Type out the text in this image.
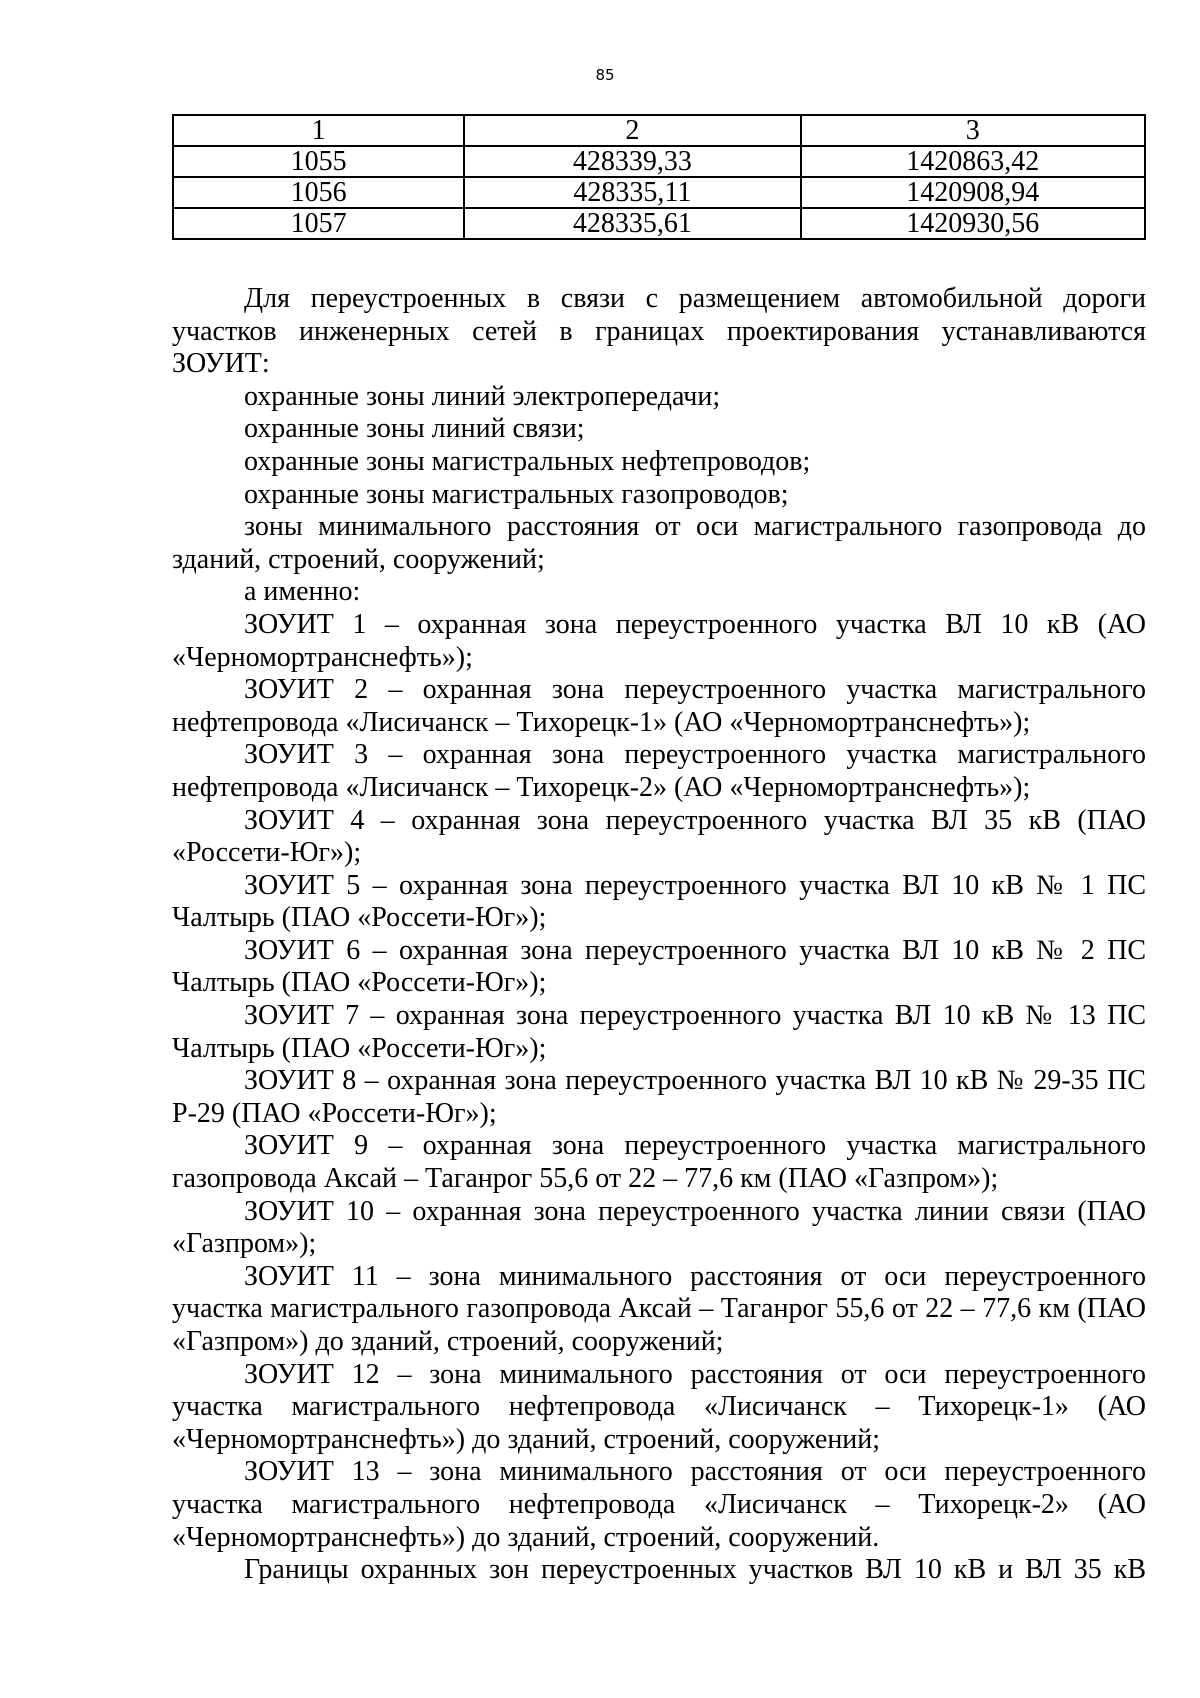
85
1	2	3
1055	428339,33	1420863,42
1056	428335,11	1420908,94
1057	428335,61	1420930,56

Для переустроенных в связи с размещением автомобильной дороги участков инженерных сетей в границах проектирования устанавливаются ЗОУИТ:

охранные зоны линий электропередачи;

охранные зоны линий связи;

охранные зоны магистральных нефтепроводов;

охранные зоны магистральных газопроводов;

зоны минимального расстояния от оси магистрального газопровода до зданий, строений, сооружений;

а именно:

ЗОУИТ 1 – охранная зона переустроенного участка ВЛ 10 кВ (АО «Черномортранснефть»);

ЗОУИТ 2 – охранная зона переустроенного участка магистрального нефтепровода «Лисичанск – Тихорецк-1» (АО «Черномортранснефть»);

ЗОУИТ 3 – охранная зона переустроенного участка магистрального нефтепровода «Лисичанск – Тихорецк-2» (АО «Черномортранснефть»);

ЗОУИТ 4 – охранная зона переустроенного участка ВЛ 35 кВ (ПАО «Россети-Юг»);

ЗОУИТ 5 – охранная зона переустроенного участка ВЛ 10 кВ № 1 ПС Чалтырь (ПАО «Россети-Юг»);

ЗОУИТ 6 – охранная зона переустроенного участка ВЛ 10 кВ № 2 ПС Чалтырь (ПАО «Россети-Юг»);

ЗОУИТ 7 – охранная зона переустроенного участка ВЛ 10 кВ № 13 ПС Чалтырь (ПАО «Россети-Юг»);

ЗОУИТ 8 – охранная зона переустроенного участка ВЛ 10 кВ № 29-35 ПС Р-29 (ПАО «Россети-Юг»);

ЗОУИТ 9 – охранная зона переустроенного участка магистрального газопровода Аксай – Таганрог 55,6 от 22 – 77,6 км (ПАО «Газпром»);

ЗОУИТ 10 – охранная зона переустроенного участка линии связи (ПАО «Газпром»);

ЗОУИТ 11 – зона минимального расстояния от оси переустроенного участка магистрального газопровода Аксай – Таганрог 55,6 от 22 – 77,6 км (ПАО «Газпром») до зданий, строений, сооружений;

ЗОУИТ 12 – зона минимального расстояния от оси переустроенного участка магистрального нефтепровода «Лисичанск – Тихорецк-1» (АО «Черномортранснефть») до зданий, строений, сооружений;

ЗОУИТ 13 – зона минимального расстояния от оси переустроенного участка магистрального нефтепровода «Лисичанск – Тихорецк-2» (АО «Черномортранснефть») до зданий, строений, сооружений.

Границы охранных зон переустроенных участков ВЛ 10 кВ и ВЛ 35 кВ
